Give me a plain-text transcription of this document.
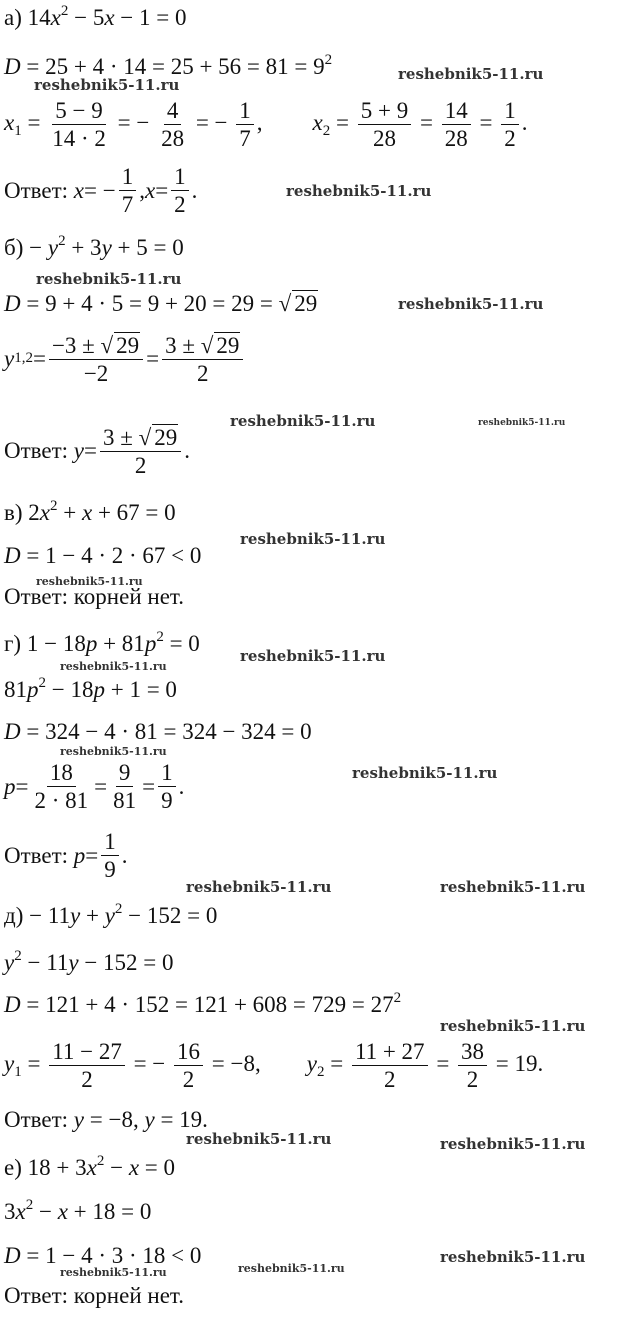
а) $14x^2 - 5x - 1 = 0$
$D = 25 + 4 \cdot 14 = 25 + 56 = 81 = 9^2$
$x_1 = \frac{5 - 9}{14 \cdot 2}$ = − $\frac{4}{28}$ = − $\frac{1}{7}$ , $x_2 = \frac{5 + 9}{28} = \frac{14}{28} = \frac{1}{2}$ .
Ответ:
x = − $\frac{1}{7}$ , $x = \frac{1}{2}$ .
$б) - y^2 + 3y + 5 = 0$
D = 9 + 4 · 5 = 9 + 20 = 29 = √ 29
y $1,2 = \frac{-3 \pm √ 29}{-2} = \frac{3 \pm √ 29}{2}$
Ответ:
$y = \frac{3 \pm √ 29}{2}$ .
в) $2x^2 + x + 67 = 0$
D = 1 − 4 · 2 · 67 < 0
Ответ: корней нет.
г) $1 - 18p + 81p^2 = 0$
$81p^2 - 18p + 1 = 0$
D = 324 − 4 · 81 = 324 − 324 = 0
$p = \frac{18}{2 \cdot 81} = \frac{9}{81} = \frac{1}{9}$ .
Ответ:
$p = \frac{1}{9}$ .
$д) - 11y + y^2 - 152 = 0$
$y^2 - 11y - 152 = 0$
$D = 121 + 4 \cdot 152 = 121 + 608 = 729 = 27^2$
$y_1 = \frac{11 - 27}{2}$ = − $\frac{16}{2} = -8$, $y_2 = \frac{11 + 27}{2} = \frac{38}{2} = 19$.
Ответ: y = −8, y = 19.
е) $18 + 3x^2 - x = 0$
$3x^2 - x + 18 = 0$
D = 1 − 4 · 3 · 18 < 0
Ответ: корней нет.
reshebnik5-11.ru
reshebnik5-11.ru
reshebnik5-11.ru
reshebnik5-11.ru
reshebnik5-11.ru
reshebnik5-11.ru	reshebnik5-11.ru
reshebnik5-11.ru
reshebnik5-11.ru
reshebnik5-11.ru
reshebnik5-11.ru
reshebnik5-11.ru
reshebnik5-11.ru
reshebnik5-11.ru	reshebnik5-11.ru
reshebnik5-11.ru
reshebnik5-11.ru	reshebnik5-11.ru
reshebnik5-11.ru
reshebnik5-11.ru
reshebnik5-11.ru
